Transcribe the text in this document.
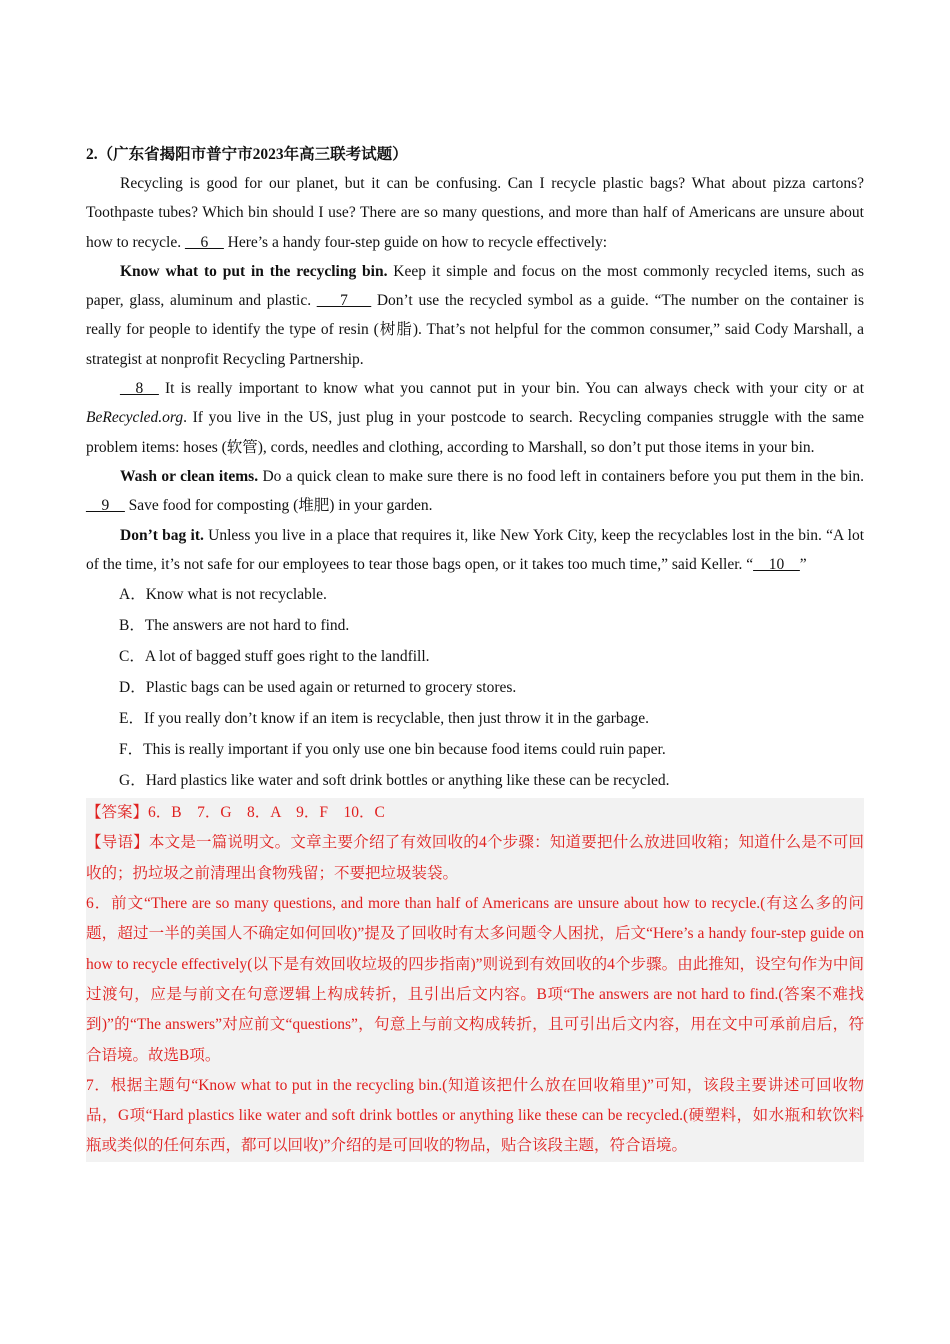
2.（广东省揭阳市普宁市2023年高三联考试题）

Recycling is good for our planet, but it can be confusing. Can I recycle plastic bags? What about pizza cartons? Toothpaste tubes? Which bin should I use? There are so many questions, and more than half of Americans are unsure about how to recycle. __6__ Here’s a handy four-step guide on how to recycle effectively:

Know what to put in the recycling bin. Keep it simple and focus on the most commonly recycled items, such as paper, glass, aluminum and plastic. ___7___ Don’t use the recycled symbol as a guide. “The number on the container is really for people to identify the type of resin (树脂). That’s not helpful for the common consumer,” said Cody Marshall, a strategist at nonprofit Recycling Partnership.

__8__ It is really important to know what you cannot put in your bin. You can always check with your city or at BeRecycled.org. If you live in the US, just plug in your postcode to search. Recycling companies struggle with the same problem items: hoses (软管), cords, needles and clothing, according to Marshall, so don’t put those items in your bin.

Wash or clean items. Do a quick clean to make sure there is no food left in containers before you put them in the bin. __9__ Save food for composting (堆肥) in your garden.

Don’t bag it. Unless you live in a place that requires it, like New York City, keep the recyclables lost in the bin. “A lot of the time, it’s not safe for our employees to tear those bags open, or it takes too much time,” said Keller. “__10__”

A．Know what is not recyclable.

B．The answers are not hard to find.

C．A lot of bagged stuff goes right to the landfill.

D．Plastic bags can be used again or returned to grocery stores.

E．If you really don’t know if an item is recyclable, then just throw it in the garbage.

F．This is really important if you only use one bin because food items could ruin paper.

G．Hard plastics like water and soft drink bottles or anything like these can be recycled.

【答案】6．B　7．G　8．A　9．F　10．C

【导语】本文是一篇说明文。文章主要介绍了有效回收的4个步骤：知道要把什么放进回收箱；知道什么是不可回收的；扔垃圾之前清理出食物残留；不要把垃圾装袋。

6．前文“There are so many questions, and more than half of Americans are unsure about how to recycle.(有这么多的问题，超过一半的美国人不确定如何回收)”提及了回收时有太多问题令人困扰，后文“Here’s a handy four-step guide on how to recycle effectively(以下是有效回收垃圾的四步指南)”则说到有效回收的4个步骤。由此推知，设空句作为中间过渡句，应是与前文在句意逻辑上构成转折，且引出后文内容。B项“The answers are not hard to find.(答案不难找到)”的“The answers”对应前文“questions”，句意上与前文构成转折，且可引出后文内容，用在文中可承前启后，符合语境。故选B项。

7．根据主题句“Know what to put in the recycling bin.(知道该把什么放在回收箱里)”可知，该段主要讲述可回收物品，G项“Hard plastics like water and soft drink bottles or anything like these can be recycled.(硬塑料，如水瓶和软饮料瓶或类似的任何东西，都可以回收)”介绍的是可回收的物品，贴合该段主题，符合语境。
